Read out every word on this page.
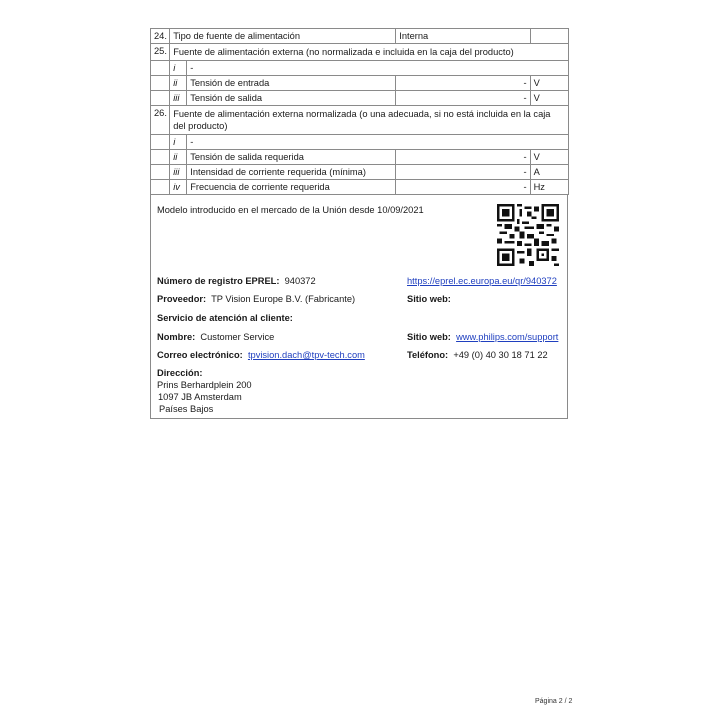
24.	Tipo de fuente de alimentación		Interna	
25.	Fuente de alimentación externa (no normalizada e incluida en la caja del producto)			
	i	-		
	ii	Tensión de entrada	-	V
	iii	Tensión de salida	-	V
26.	Fuente de alimentación externa normalizada (o una adecuada, si no está incluida en la caja del producto)			
	i	-		
	ii	Tensión de salida requerida	-	V
	iii	Intensidad de corriente requerida (mínima)	-	A
	iv	Frecuencia de corriente requerida	-	Hz
Modelo introducido en el mercado de la Unión desde 10/09/2021
Número de registro EPREL: 940372	https://eprel.ec.europa.eu/qr/940372
Proveedor: TP Vision Europe B.V. (Fabricante)	Sitio web:
Servicio de atención al cliente:
Nombre: Customer Service	Sitio web: www.philips.com/support
Correo electrónico: tpvision.dach@tpv-tech.com	Teléfono: +49 (0) 40 30 18 71 22
Dirección:
Prins Berhardplein 200
1097 JB Amsterdam
Países Bajos
Página 2 / 2
